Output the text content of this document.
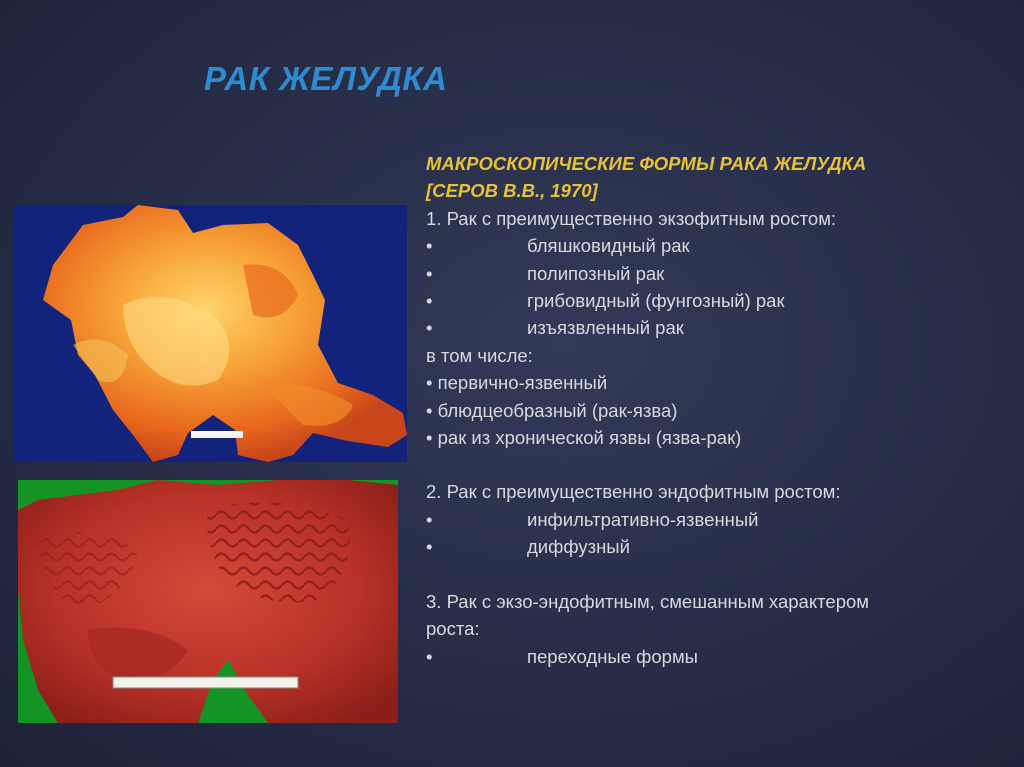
РАК ЖЕЛУДКА
МАКРОСКОПИЧЕСКИЕ ФОРМЫ РАКА ЖЕЛУДКА
[СЕРОВ В.В., 1970]
1. Рак с преимущественно экзофитным ростом:
•	бляшковидный рак
•	полипозный рак
•	грибовидный (фунгозный) рак
•	изъязвленный рак
в том числе:
• первично-язвенный
• блюдцеобразный (рак-язва)
• рак из хронической язвы (язва-рак)
2. Рак с преимущественно эндофитным ростом:
•	инфильтративно-язвенный
•	диффузный
3. Рак с экзо-эндофитным, смешанным характером
роста:
•	переходные формы
